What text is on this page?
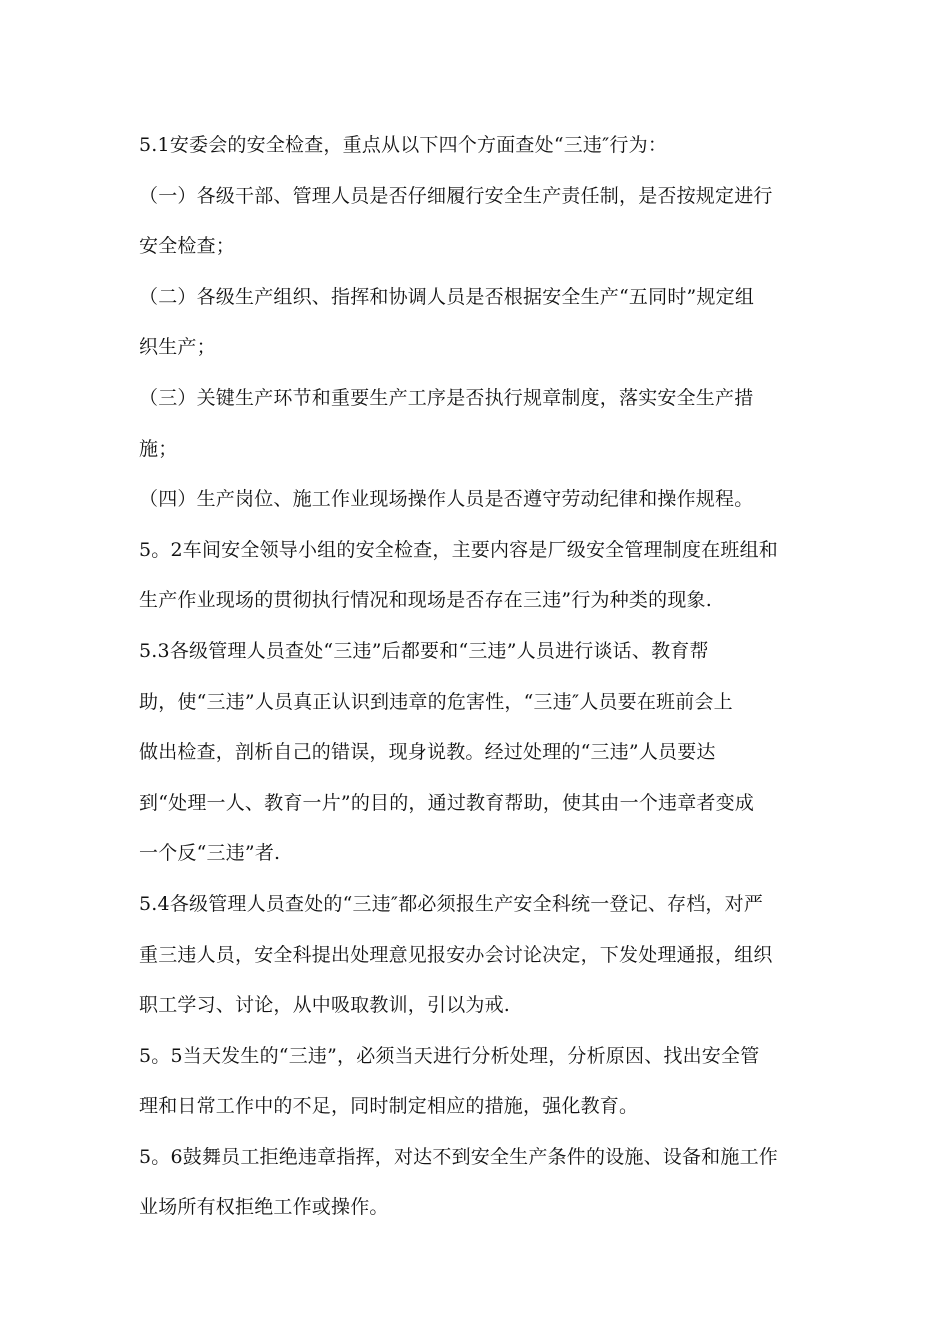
5.1安委会的安全检查，重点从以下四个方面查处“三违″行为：
（一）各级干部、管理人员是否仔细履行安全生产责任制，是否按规定进行
安全检查；
（二）各级生产组织、指挥和协调人员是否根据安全生产“五同时”规定组
织生产；
（三）关键生产环节和重要生产工序是否执行规章制度，落实安全生产措
施；
（四）生产岗位、施工作业现场操作人员是否遵守劳动纪律和操作规程。
5。2车间安全领导小组的安全检查，主要内容是厂级安全管理制度在班组和
生产作业现场的贯彻执行情况和现场是否存在三违”行为种类的现象.
5.3各级管理人员查处“三违”后都要和“三违”人员进行谈话、教育帮
助，使“三违”人员真正认识到违章的危害性，“三违″人员要在班前会上
做出检查，剖析自己的错误，现身说教。经过处理的“三违”人员要达
到“处理一人、教育一片”的目的，通过教育帮助，使其由一个违章者变成
一个反“三违”者.
5.4各级管理人员查处的“三违″都必须报生产安全科统一登记、存档，对严
重三违人员，安全科提出处理意见报安办会讨论决定，下发处理通报，组织
职工学习、讨论，从中吸取教训，引以为戒.
5。5当天发生的“三违”，必须当天进行分析处理，分析原因、找出安全管
理和日常工作中的不足，同时制定相应的措施，强化教育。
5。6鼓舞员工拒绝违章指挥，对达不到安全生产条件的设施、设备和施工作
业场所有权拒绝工作或操作。
